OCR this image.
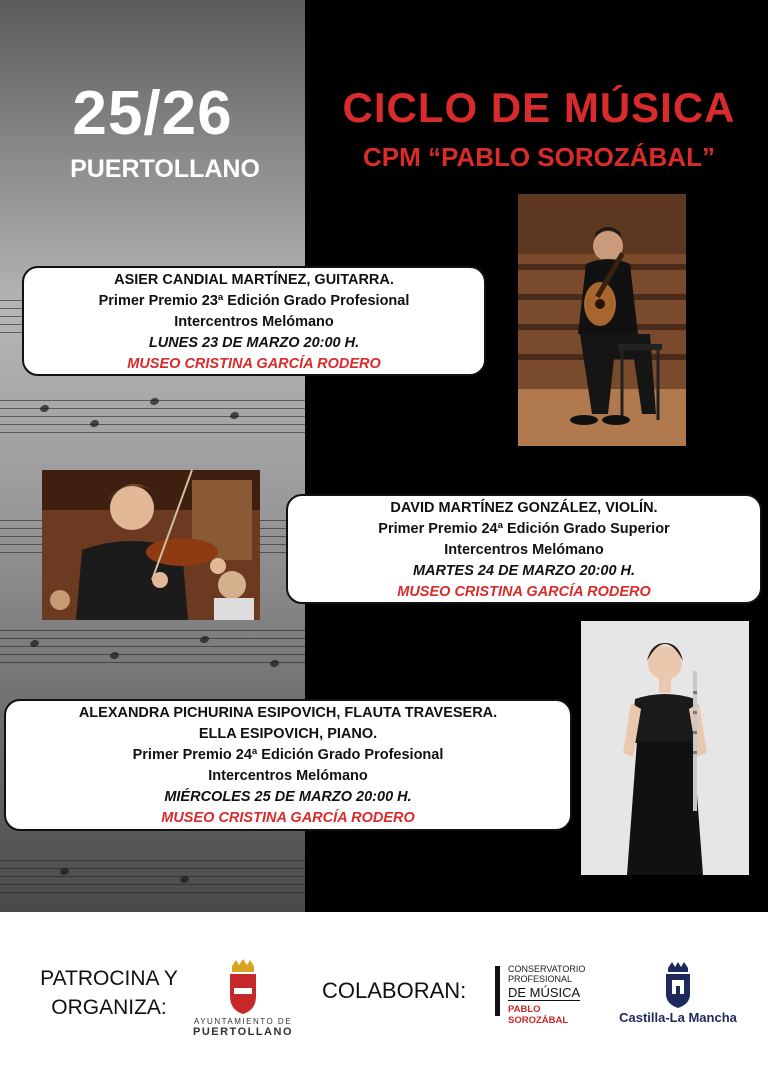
25/26
PUERTOLLANO
CICLO DE MÚSICA
CPM “PABLO SOROZÁBAL”
ASIER CANDIAL MARTÍNEZ, GUITARRA.
Primer Premio 23ª Edición Grado Profesional
Intercentros Melómano
LUNES 23 DE MARZO 20:00 H.
MUSEO CRISTINA GARCÍA RODERO
DAVID MARTÍNEZ GONZÁLEZ, VIOLÍN.
Primer Premio 24ª Edición Grado Superior
Intercentros Melómano
MARTES 24 DE MARZO 20:00 H.
MUSEO CRISTINA GARCÍA RODERO
ALEXANDRA PICHURINA ESIPOVICH, FLAUTA TRAVESERA.
ELLA ESIPOVICH, PIANO.
Primer Premio 24ª Edición Grado Profesional
Intercentros Melómano
MIÉRCOLES 25 DE MARZO 20:00 H.
MUSEO CRISTINA GARCÍA RODERO
PATROCINA Y
ORGANIZA:
AYUNTAMIENTO DE
PUERTOLLANO
COLABORAN:
CONSERVATORIO
PROFESIONAL
DE MÚSICA
PABLO SOROZÁBAL	Castilla-La Mancha
